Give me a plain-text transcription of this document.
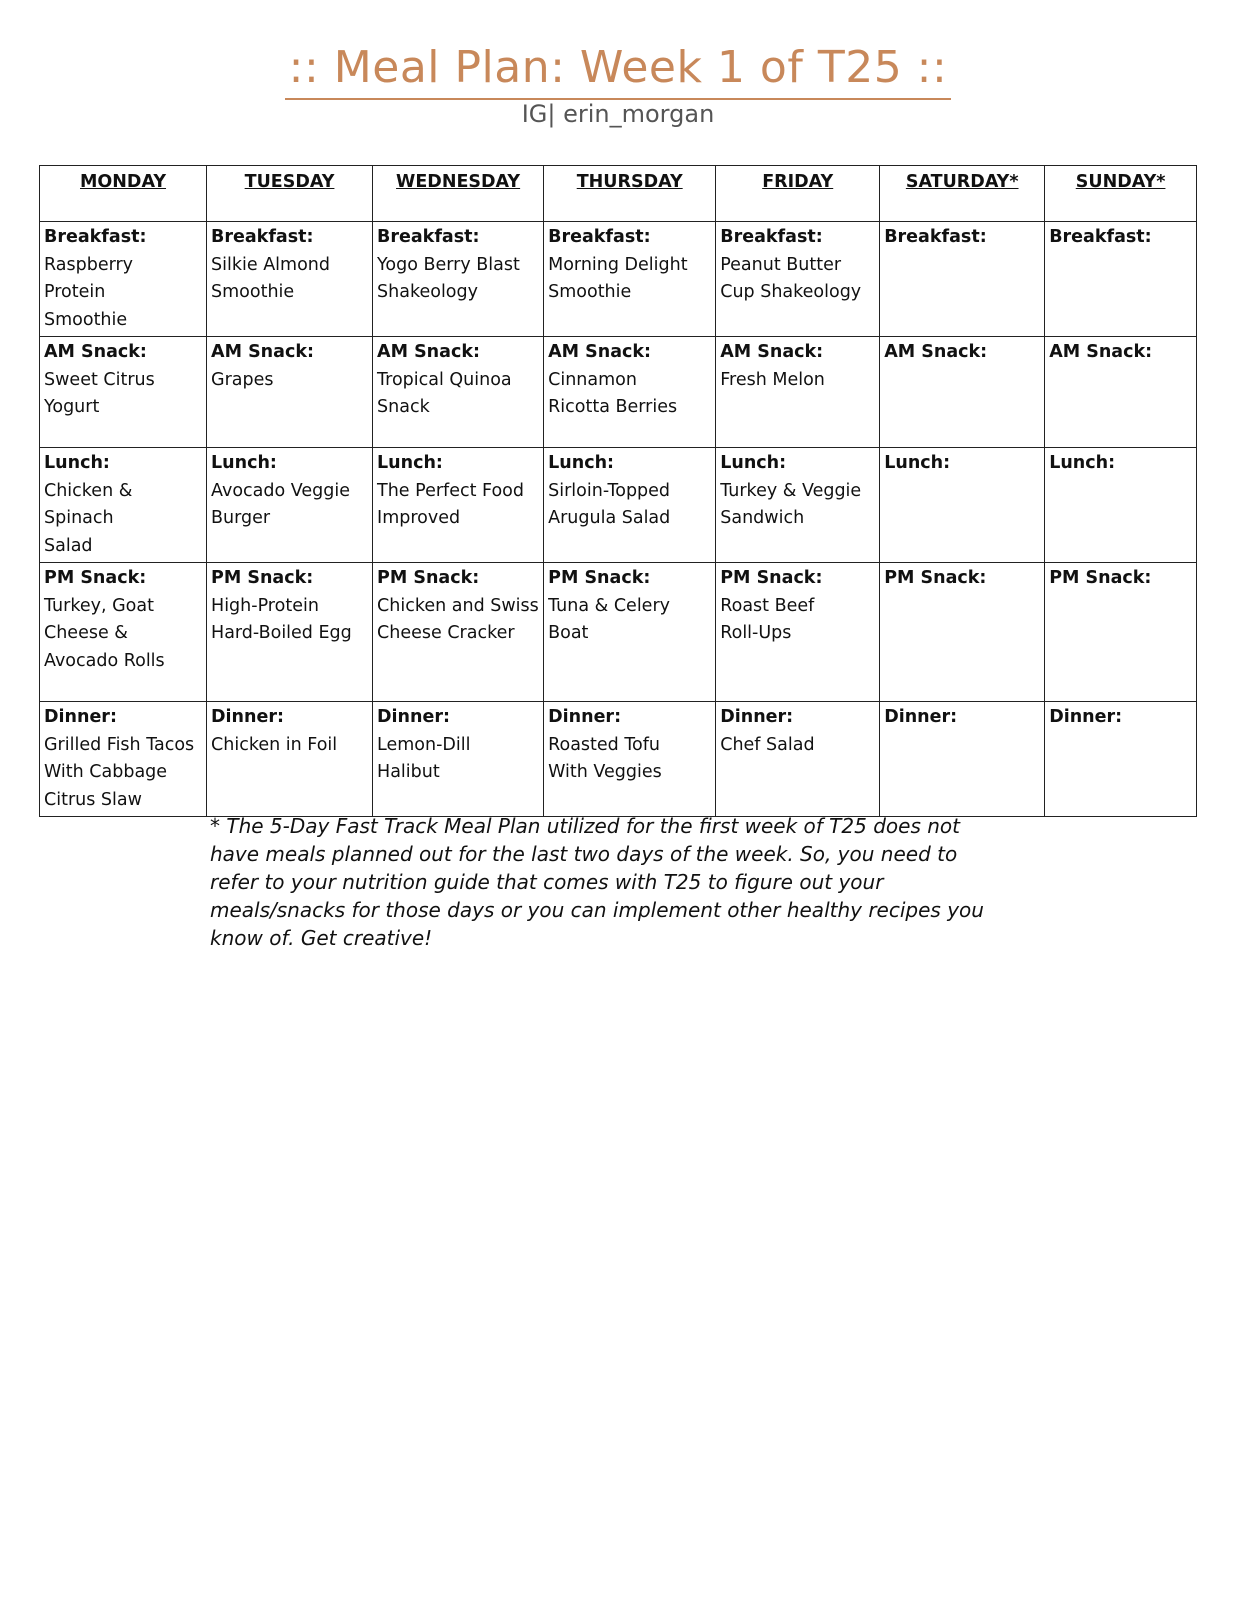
:: Meal Plan: Week 1 of T25 ::

IG| erin_morgan

MONDAY	TUESDAY	WEDNESDAY	THURSDAY	FRIDAY	SATURDAY*	SUNDAY*

Breakfast:
Raspberry
Protein
Smoothie	Breakfast:
Silkie Almond
Smoothie	Breakfast:
Yogo Berry Blast
Shakeology	Breakfast:
Morning Delight
Smoothie	Breakfast:
Peanut Butter
Cup Shakeology	Breakfast:	Breakfast:

AM Snack:
Sweet Citrus
Yogurt	AM Snack:
Grapes	AM Snack:
Tropical Quinoa
Snack	AM Snack:
Cinnamon
Ricotta Berries	AM Snack:
Fresh Melon	AM Snack:	AM Snack:

Lunch:
Chicken & Spinach
Salad	Lunch:
Avocado Veggie
Burger	Lunch:
The Perfect Food
Improved	Lunch:
Sirloin-Topped
Arugula Salad	Lunch:
Turkey & Veggie
Sandwich	Lunch:	Lunch:

PM Snack:
Turkey, Goat
Cheese &
Avocado Rolls	PM Snack:
High-Protein
Hard-Boiled Egg	PM Snack:
Chicken and Swiss
Cheese Cracker	PM Snack:
Tuna & Celery
Boat	PM Snack:
Roast Beef
Roll-Ups	PM Snack:	PM Snack:

Dinner:
Grilled Fish Tacos
With Cabbage
Citrus Slaw	Dinner:
Chicken in Foil	Dinner:
Lemon-Dill
Halibut	Dinner:
Roasted Tofu
With Veggies	Dinner:
Chef Salad	Dinner:	Dinner:

* The 5-Day Fast Track Meal Plan utilized for the first week of T25 does not have meals planned out for the last two days of the week. So, you need to refer to your nutrition guide that comes with T25 to figure out your meals/snacks for those days or you can implement other healthy recipes you know of. Get creative!
